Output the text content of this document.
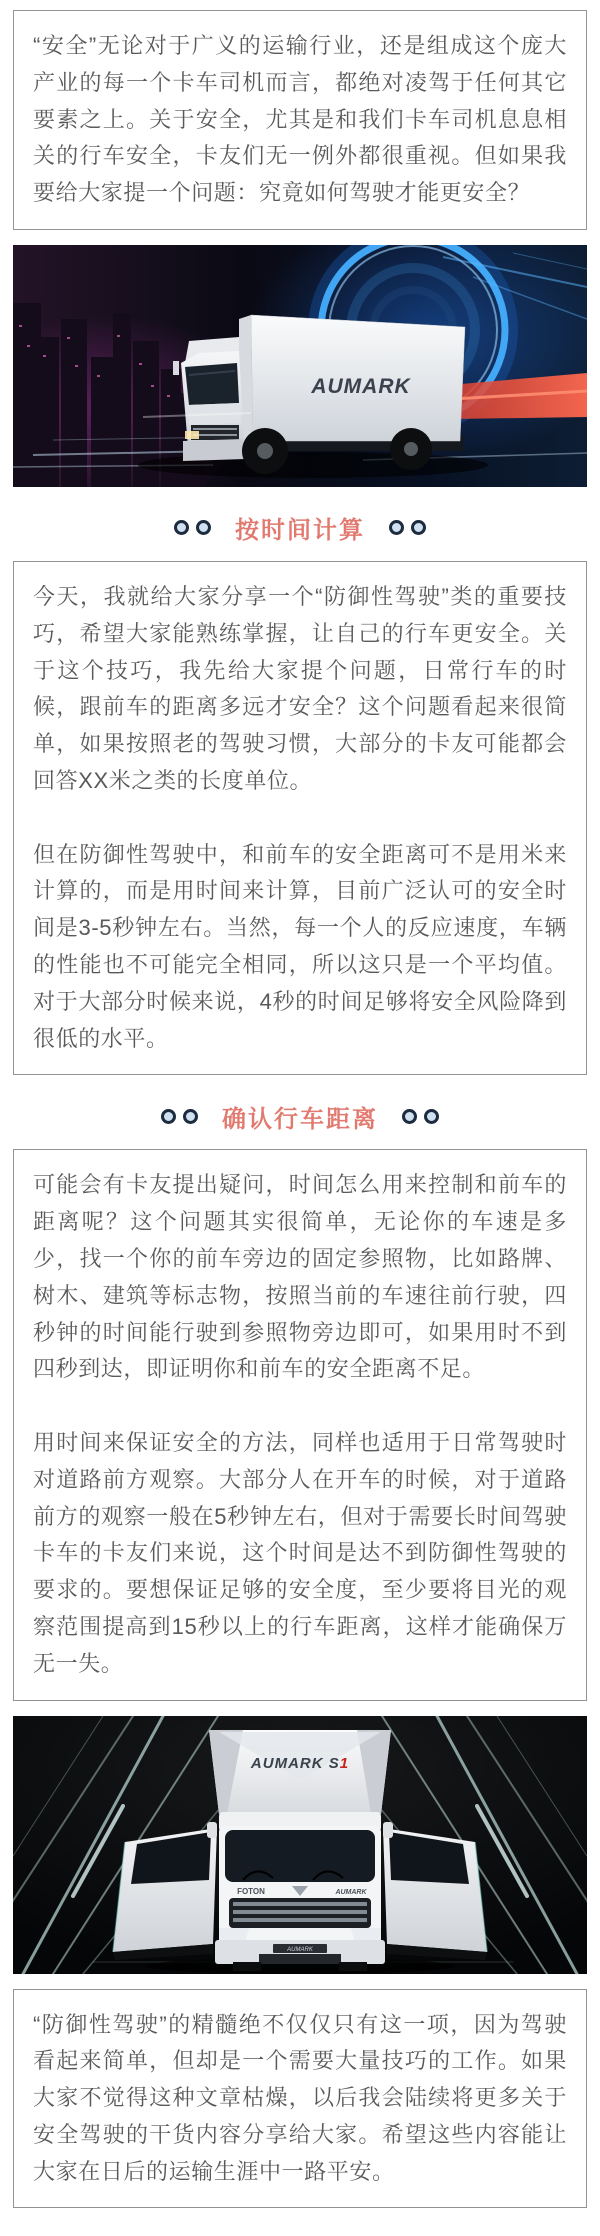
“安全”无论对于广义的运输行业，还是组成这个庞大产业的每一个卡车司机而言，都绝对凌驾于任何其它要素之上。关于安全，尤其是和我们卡车司机息息相关的行车安全，卡友们无一例外都很重视。但如果我要给大家提一个问题：究竟如何驾驶才能更安全？

AUMARK
按时间计算

今天，我就给大家分享一个“防御性驾驶”类的重要技巧，希望大家能熟练掌握，让自己的行车更安全。关于这个技巧，我先给大家提个问题，日常行车的时候，跟前车的距离多远才安全？这个问题看起来很简单，如果按照老的驾驶习惯，大部分的卡友可能都会回答XX米之类的长度单位。

但在防御性驾驶中，和前车的安全距离可不是用米来计算的，而是用时间来计算，目前广泛认可的安全时间是3-5秒钟左右。当然，每一个人的反应速度，车辆的性能也不可能完全相同，所以这只是一个平均值。对于大部分时候来说，4秒的时间足够将安全风险降到很低的水平。

确认行车距离

可能会有卡友提出疑问，时间怎么用来控制和前车的距离呢？这个问题其实很简单，无论你的车速是多少，找一个你的前车旁边的固定参照物，比如路牌、树木、建筑等标志物，按照当前的车速往前行驶，四秒钟的时间能行驶到参照物旁边即可，如果用时不到四秒到达，即证明你和前车的安全距离不足。

用时间来保证安全的方法，同样也适用于日常驾驶时对道路前方观察。大部分人在开车的时候，对于道路前方的观察一般在5秒钟左右，但对于需要长时间驾驶卡车的卡友们来说，这个时间是达不到防御性驾驶的要求的。要想保证足够的安全度，至少要将目光的观察范围提高到15秒以上的行车距离，这样才能确保万无一失。

AUMARK S1
FOTON	AUMARK
AUMARK

“防御性驾驶”的精髓绝不仅仅只有这一项，因为驾驶看起来简单，但却是一个需要大量技巧的工作。如果大家不觉得这种文章枯燥，以后我会陆续将更多关于安全驾驶的干货内容分享给大家。希望这些内容能让大家在日后的运输生涯中一路平安。
